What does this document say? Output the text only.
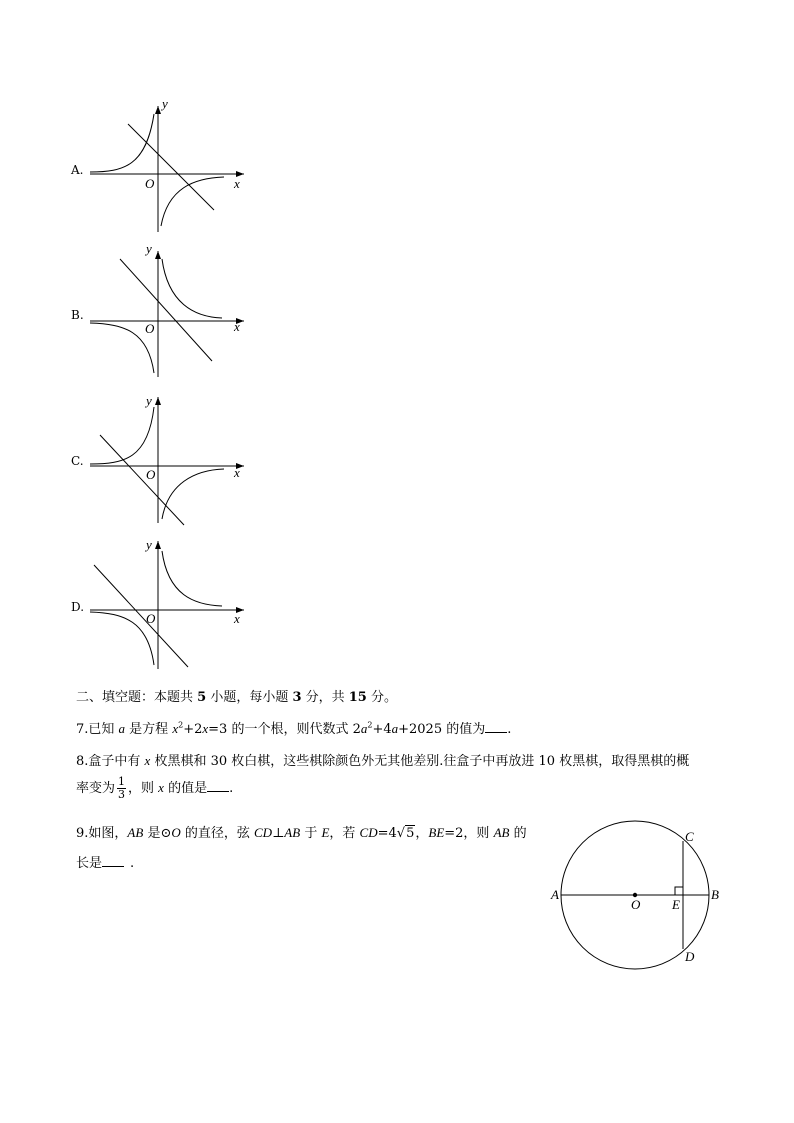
A.
y
x
O
B.
y
x
O
C.
y
x
O
D.
y
x
O
二、填空题：本题共 5 小题，每小题 3 分，共 15 分。
7.已知 a 是方程 $x^2+2x=3$ 的一个根，则代数式 $2a^2+4a+2025$ 的值为 .
8.盒子中有 x 枚黑棋和 30 枚白棋，这些棋除颜色外无其他差别.往盒子中再放进 10 枚黑棋，取得黑棋的概
率变为 $\frac{1}{3}$ ，则 x 的值是 .
9.如图，AB 是⊙O 的直径，弦 CD⊥AB 于 E，若 CD=4√5，BE=2，则 AB 的
长是 .
A	B
C
D
E
O
